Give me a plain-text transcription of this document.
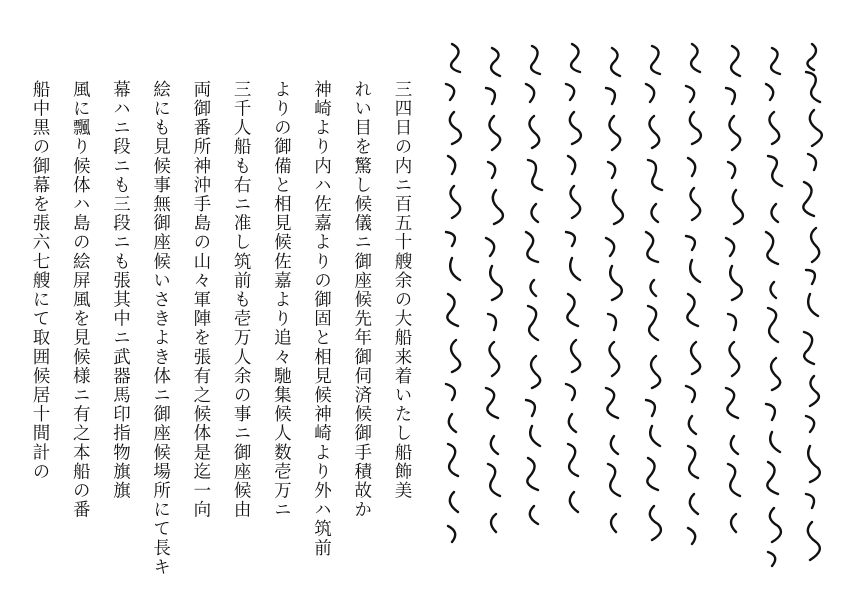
三四日の内ニ百五十艘余の大船来着いたし船飾美
れい目を驚し候儀ニ御座候先年御伺済候御手積故か
神崎より内ハ佐嘉よりの御固と相見候神崎より外ハ筑前
よりの御備と相見候佐嘉より追々馳集候人数壱万ニ
三千人船も右ニ准し筑前も壱万人余の事ニ御座候由
両御番所神沖手島の山々軍陣を張有之候体是迄一向
絵にも見候事無御座候いさきよき体ニ御座候場所にて長キ
幕ハニ段ニも三段ニも張其中ニ武器馬印指物旗旗
風に飄り候体ハ島の絵屏風を見候様ニ有之本船の番
船中黒の御幕を張六七艘にて取囲候居十間計の
